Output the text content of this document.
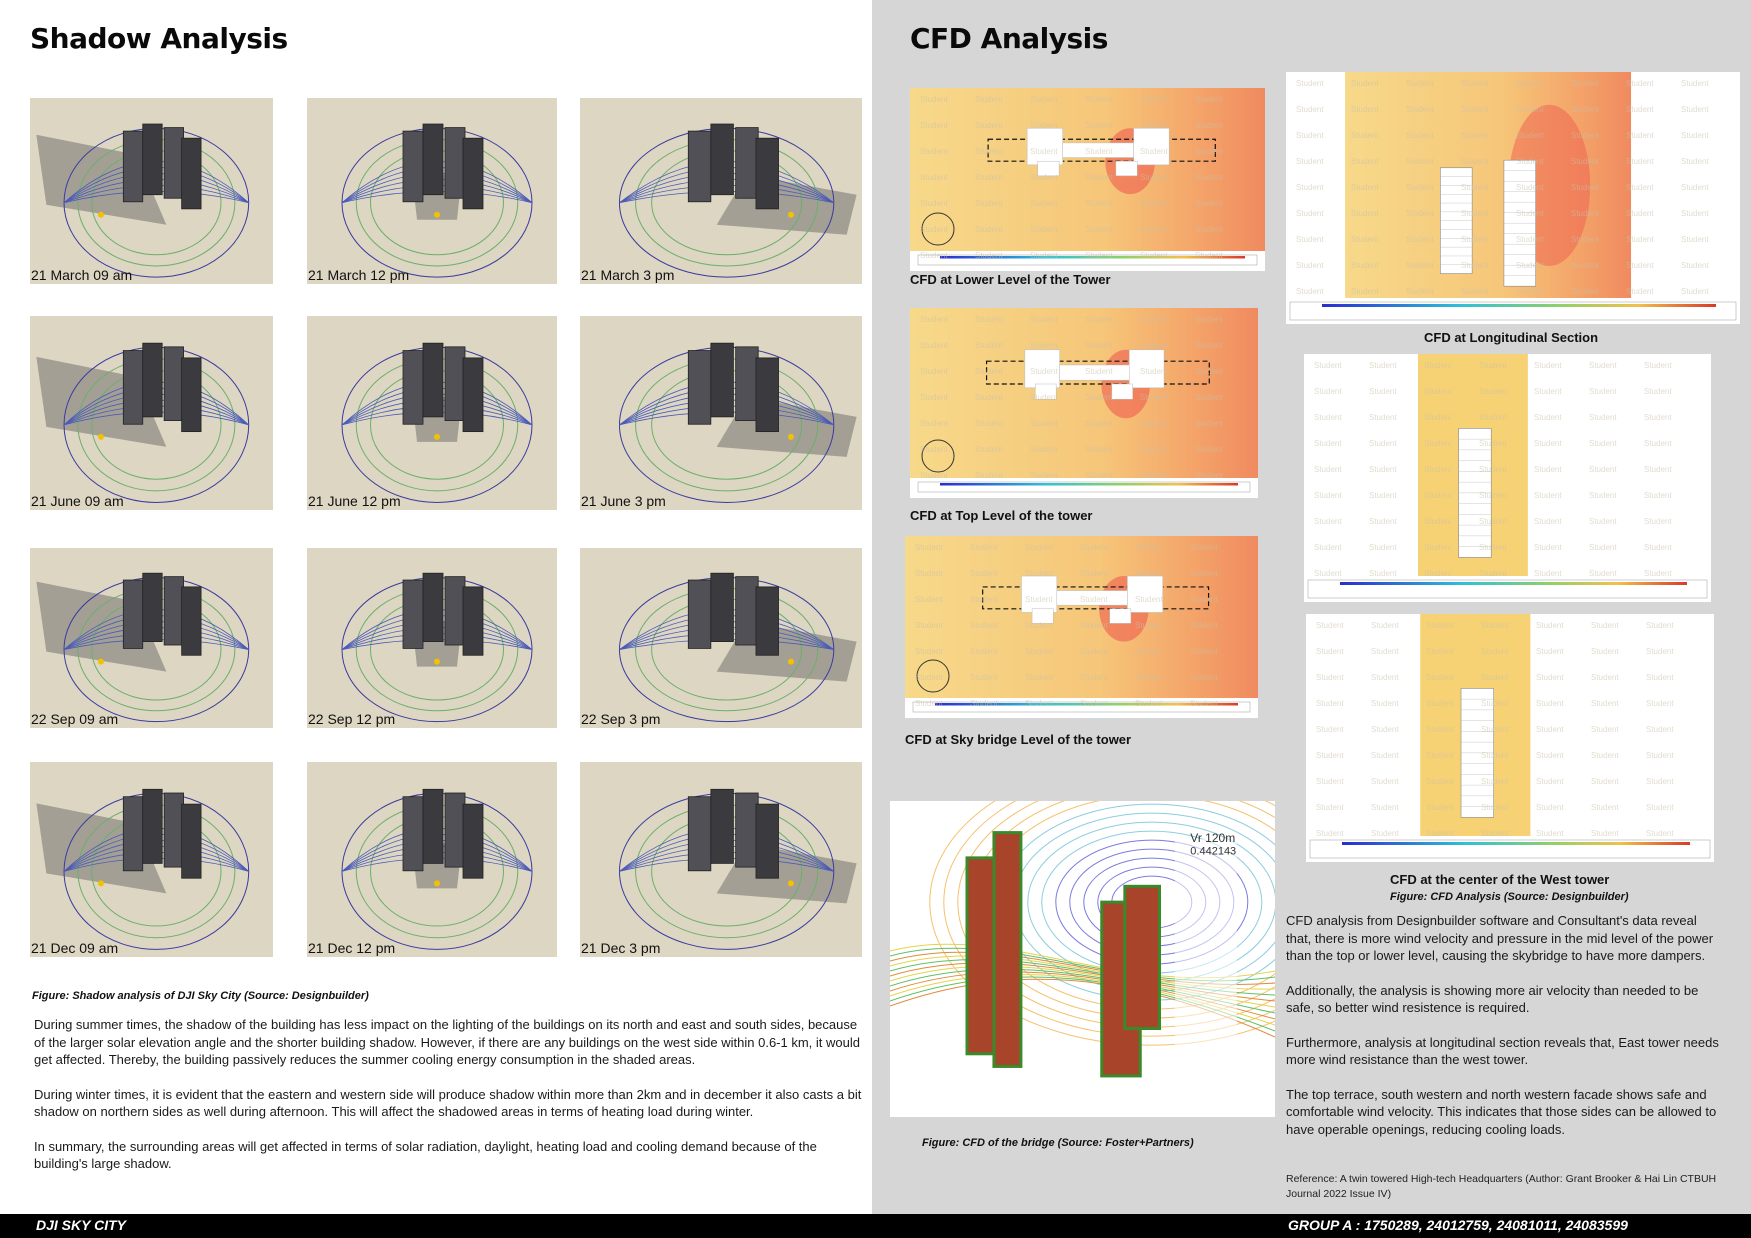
Shadow Analysis	CFD Analysis
21 March 09 am	21 March 12 pm	21 March 3 pm
21 June 09 am	21 June 12 pm	21 June 3 pm
22 Sep 09 am	22 Sep 12 pm	22 Sep 3 pm
21 Dec 09 am	21 Dec 12 pm	21 Dec 3 pm
Figure: Shadow analysis of DJI Sky City (Source: Designbuilder)

During summer times, the shadow of the building has less impact on the lighting of the buildings on its north and east and south sides, because of the larger solar elevation angle and the shorter building shadow. However, if there are any buildings on the west side within 0.6-1 km, it would get affected. Thereby, the building passively reduces the summer cooling energy consumption in the shaded areas.

During winter times, it is evident that the eastern and western side will produce shadow within more than 2km and in december it also casts a bit shadow on northern sides as well during afternoon. This will affect the shadowed areas in terms of heating load during winter.

In summary, the surrounding areas will get affected in terms of solar radiation, daylight, heating load and cooling demand because of the building's large shadow.

Student	Student	Student	Student	Student	Student
Student	Student	Student	Student	Student	Student
Student	Student	Student	Student	Student	Student
Student	Student	Student	Student	Student	Student
Student	Student	Student	Student	Student	Student
Student	Student	Student	Student	Student	Student
Student	Student	Student	Student	Student	Student
CFD at Lower Level of the Tower
Student	Student	Student	Student	Student	Student
Student	Student	Student	Student	Student	Student
Student	Student	Student	Student	Student	Student
Student	Student	Student	Student	Student	Student
Student	Student	Student	Student	Student	Student
Student	Student	Student	Student	Student	Student
Student	Student	Student	Student	Student	Student
CFD at Top Level of the tower
Student	Student	Student	Student	Student	Student
Student	Student	Student	Student	Student	Student
Student	Student	Student	Student	Student	Student
Student	Student	Student	Student	Student	Student
Student	Student	Student	Student	Student	Student
Student	Student	Student	Student	Student	Student
Student	Student	Student	Student	Student	Student
CFD at Sky bridge Level of the tower
Student	Student	Student	Student	Student	Student	Student	Student
Student	Student	Student	Student	Student	Student	Student	Student
Student	Student	Student	Student	Student	Student	Student	Student
Student	Student	Student	Student	Student	Student	Student	Student
Student	Student	Student	Student	Student	Student	Student	Student
Student	Student	Student	Student	Student	Student	Student	Student
Student	Student	Student	Student	Student	Student	Student	Student
Student	Student	Student	Student	Student	Student	Student	Student
Student	Student	Student	Student	Student	Student	Student	Student
CFD at Longitudinal Section
Student	Student	Student	Student	Student	Student	Student
Student	Student	Student	Student	Student	Student	Student
Student	Student	Student	Student	Student	Student	Student
Student	Student	Student	Student	Student	Student	Student
Student	Student	Student	Student	Student	Student	Student
Student	Student	Student	Student	Student	Student	Student
Student	Student	Student	Student	Student	Student	Student
Student	Student	Student	Student	Student	Student	Student
Student	Student	Student	Student	Student	Student	Student
Student	Student	Student	Student	Student	Student	Student
Student	Student	Student	Student	Student	Student	Student
Student	Student	Student	Student	Student	Student	Student
Student	Student	Student	Student	Student	Student	Student
Student	Student	Student	Student	Student	Student	Student
Student	Student	Student	Student	Student	Student	Student
Student	Student	Student	Student	Student	Student	Student
Student	Student	Student	Student	Student	Student	Student
Student	Student	Student	Student	Student	Student	Student
CFD at the center of the West tower
Figure: CFD Analysis (Source: Designbuilder)
Vr 120m
0.442143
Figure: CFD of the bridge (Source: Foster+Partners)

CFD analysis from Designbuilder software and Consultant's data reveal that, there is more wind velocity and pressure in the mid level of the power than the top or lower level, causing the skybridge to have more dampers.

Additionally, the analysis is showing more air velocity than needed to be safe, so better wind resistence is required.

Furthermore, analysis at longitudinal section reveals that, East tower needs more wind resistance than the west tower.

The top terrace, south western and north western facade shows safe and comfortable wind velocity. This indicates that those sides can be allowed to have operable openings, reducing cooling loads.

Reference: A twin towered High-tech Headquarters (Author: Grant Brooker & Hai Lin CTBUH Journal 2022 Issue IV)
DJI SKY CITY	GROUP A : 1750289, 24012759, 24081011, 24083599
